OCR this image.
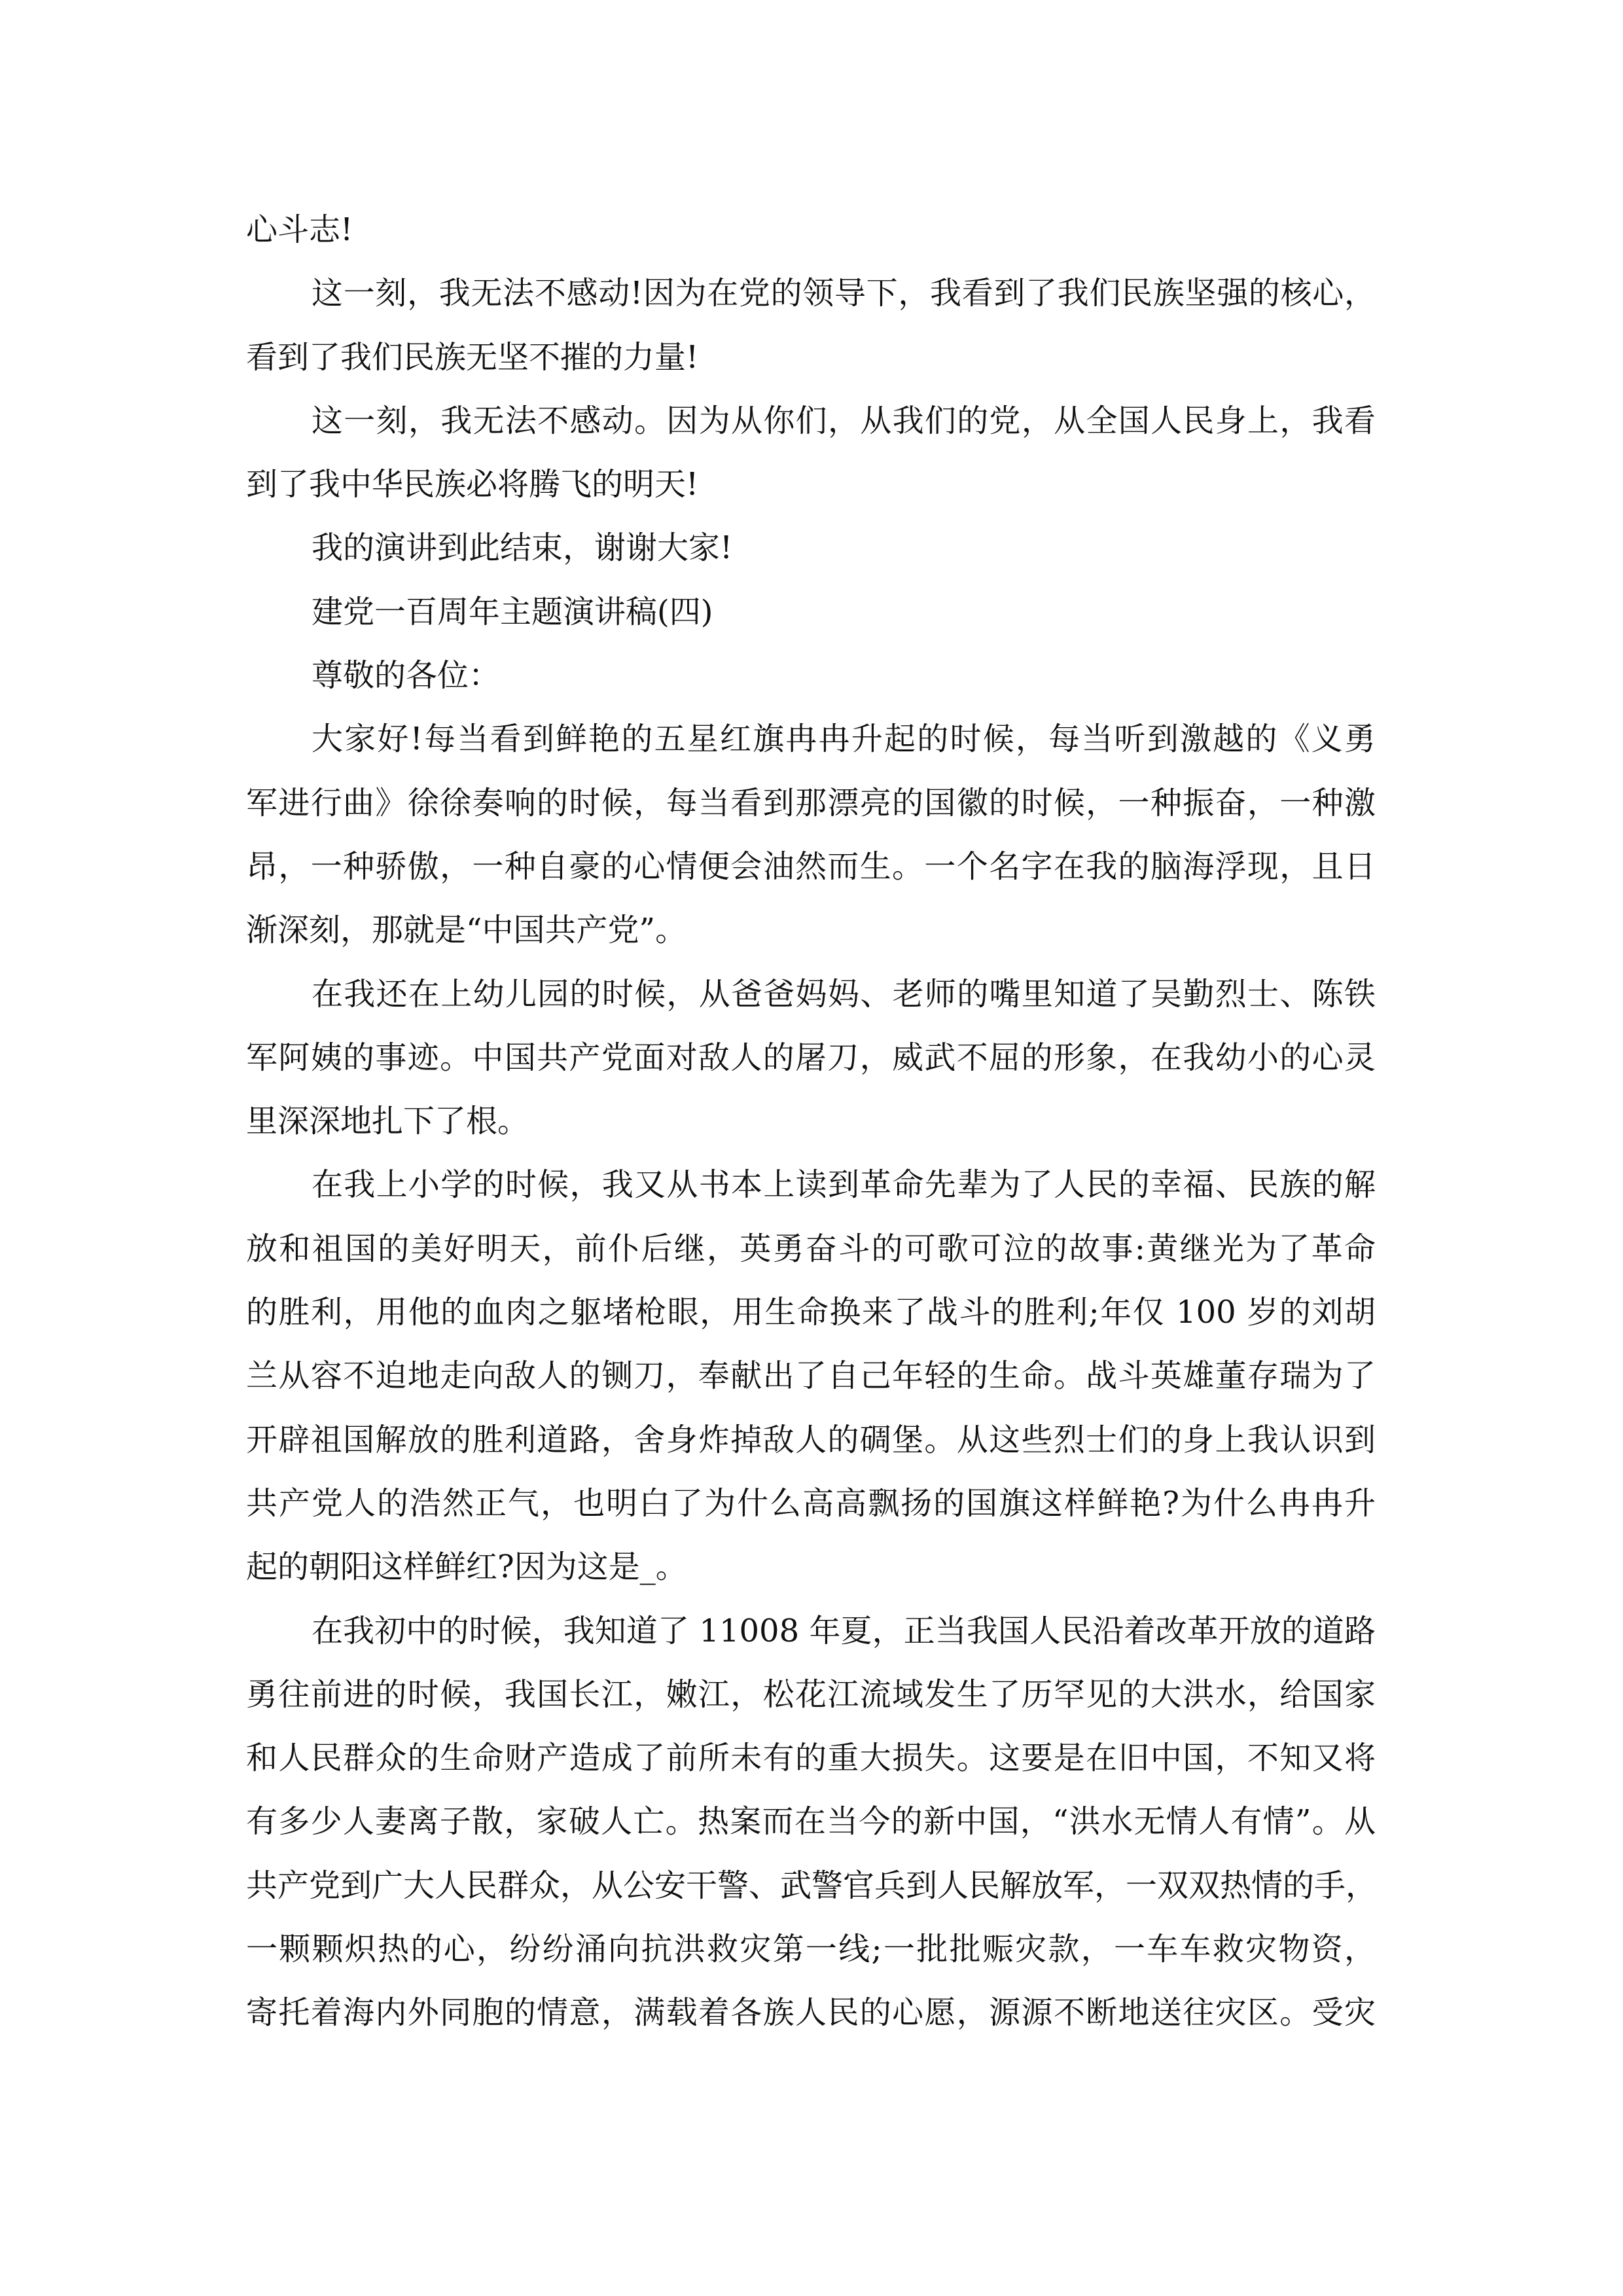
心斗志!
这一刻，我无法不感动!因为在党的领导下，我看到了我们民族坚强的核心，
看到了我们民族无坚不摧的力量!
这一刻，我无法不感动。因为从你们，从我们的党，从全国人民身上，我看
到了我中华民族必将腾飞的明天!
我的演讲到此结束，谢谢大家!
建党一百周年主题演讲稿(四)
尊敬的各位：
大家好!每当看到鲜艳的五星红旗冉冉升起的时候，每当听到激越的《义勇
军进行曲》徐徐奏响的时候，每当看到那漂亮的国徽的时候，一种振奋，一种激
昂，一种骄傲，一种自豪的心情便会油然而生。一个名字在我的脑海浮现，且日
渐深刻，那就是“中国共产党”。
在我还在上幼儿园的时候，从爸爸妈妈、老师的嘴里知道了吴勤烈士、陈铁
军阿姨的事迹。中国共产党面对敌人的屠刀，威武不屈的形象，在我幼小的心灵
里深深地扎下了根。
在我上小学的时候，我又从书本上读到革命先辈为了人民的幸福、民族的解
放和祖国的美好明天，前仆后继，英勇奋斗的可歌可泣的故事:黄继光为了革命
的胜利，用他的血肉之躯堵枪眼，用生命换来了战斗的胜利;年仅 100 岁的刘胡
兰从容不迫地走向敌人的铡刀，奉献出了自己年轻的生命。战斗英雄董存瑞为了
开辟祖国解放的胜利道路，舍身炸掉敌人的碉堡。从这些烈士们的身上我认识到
共产党人的浩然正气，也明白了为什么高高飘扬的国旗这样鲜艳?为什么冉冉升
起的朝阳这样鲜红?因为这是_。
在我初中的时候，我知道了 11008 年夏，正当我国人民沿着改革开放的道路
勇往前进的时候，我国长江，嫩江，松花江流域发生了历罕见的大洪水，给国家
和人民群众的生命财产造成了前所未有的重大损失。这要是在旧中国，不知又将
有多少人妻离子散，家破人亡。热案而在当今的新中国，“洪水无情人有情”。从
共产党到广大人民群众，从公安干警、武警官兵到人民解放军，一双双热情的手，
一颗颗炽热的心，纷纷涌向抗洪救灾第一线;一批批赈灾款，一车车救灾物资，
寄托着海内外同胞的情意，满载着各族人民的心愿，源源不断地送往灾区。受灾
